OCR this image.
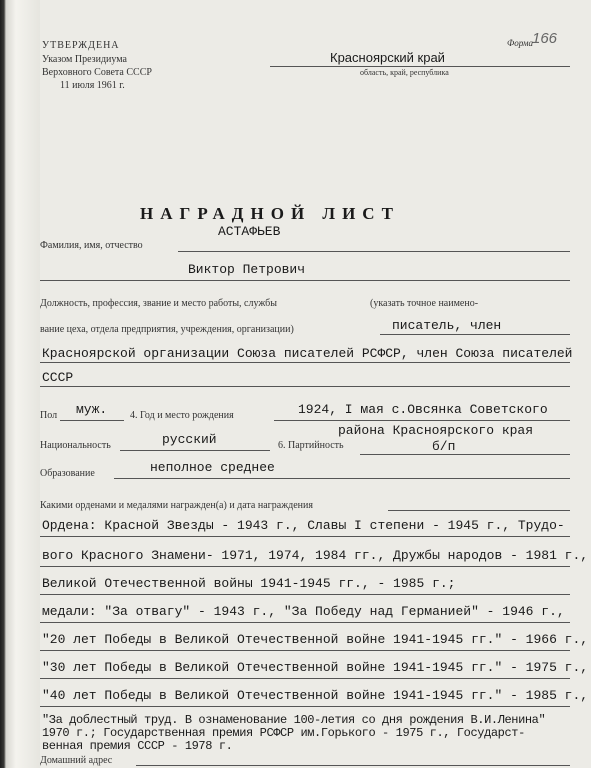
УТВЕРЖДЕНА
Указом Президиума
Верховного Совета СССР
11 июля 1961 г.
Форма
166
Красноярский край
область, край, республика
НАГРАДНОЙ ЛИСТ
АСТАФЬЕВ
Фамилия, имя, отчество
Виктор Петрович
Должность, профессия, звание и место работы, службы	(указать точное наимено-
вание цеха, отдела предприятия, учреждения, организации)	писатель, член
Красноярской организации Союза писателей РСФСР, член Союза писателей
СССР
Пол муж. 4. Год и место рождения	1924, I мая с.Овсянка Советского
района Красноярского края
Национальность	русский	6. Партийность	б/п
Образование	неполное среднее
Какими орденами и медалями награжден(а) и дата награждения
Ордена: Красной Звезды - 1943 г., Славы I степени - 1945 г., Трудо-
вого Красного Знамени- 1971, 1974, 1984 гг., Дружбы народов - 1981 г.,
Великой Отечественной войны 1941-1945 гг., - 1985 г.;
медали: "За отвагу" - 1943 г., "За Победу над Германией" - 1946 г.,
"20 лет Победы в Великой Отечественной войне 1941-1945 гг." - 1966 г.,
"30 лет Победы в Великой Отечественной войне 1941-1945 гг." - 1975 г.,
"40 лет Победы в Великой Отечественной войне 1941-1945 гг." - 1985 г.,
"За доблестный труд. В ознаменование 100-летия со дня рождения В.И.Ленина"
1970 г.; Государственная премия РСФСР им.Горького - 1975 г., Государст-
венная премия СССР - 1978 г.
Домашний адрес
